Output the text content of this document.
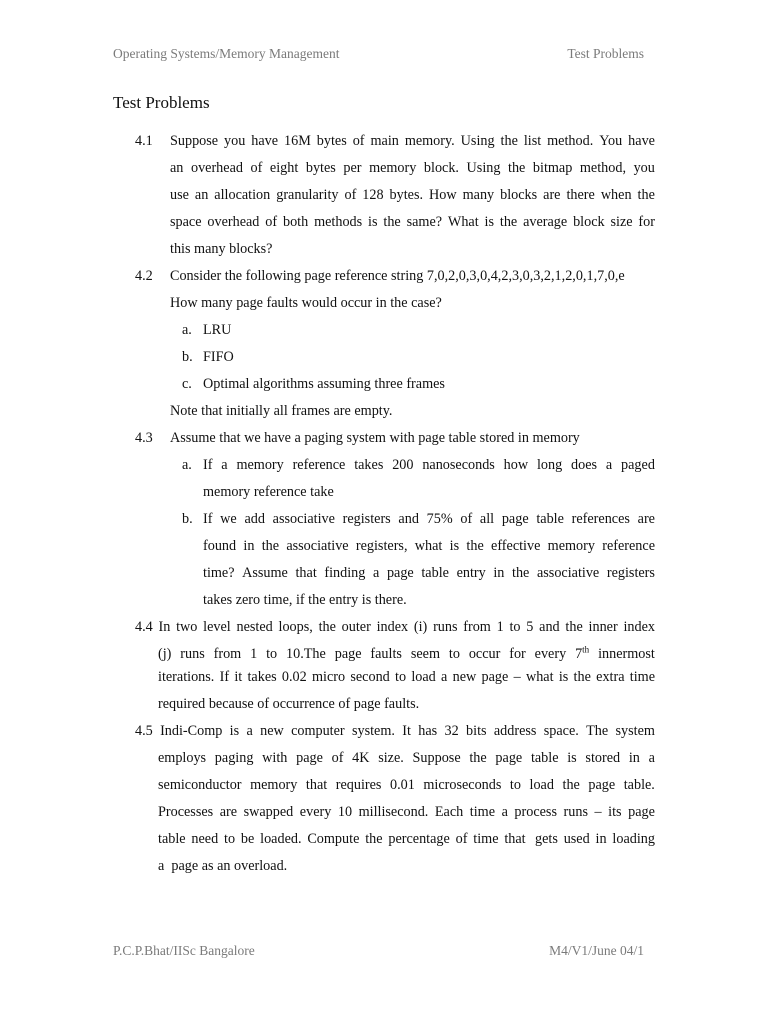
Operating Systems/Memory Management	Test Problems
Test Problems
4.1 Suppose you have 16M bytes of main memory. Using the list method. You have
an overhead of eight bytes per memory block. Using the bitmap method, you
use an allocation granularity of 128 bytes. How many blocks are there when the
space overhead of both methods is the same? What is the average block size for
this many blocks?
4.2 Consider the following page reference string 7,0,2,0,3,0,4,2,3,0,3,2,1,2,0,1,7,0,e
How many page faults would occur in the case?
a. LRU
b. FIFO
c. Optimal algorithms assuming three frames
Note that initially all frames are empty.
4.3 Assume that we have a paging system with page table stored in memory
a. If a memory reference takes 200 nanoseconds how long does a paged
memory reference take
b. If we add associative registers and 75% of all page table references are
found in the associative registers, what is the effective memory reference
time? Assume that finding a page table entry in the associative registers
takes zero time, if the entry is there.
4.4 In two level nested loops, the outer index (i) runs from 1 to 5 and the inner index
(j) runs from 1 to 10.The page faults seem to occur for every 7th innermost
iterations. If it takes 0.02 micro second to load a new page – what is the extra time
required because of occurrence of page faults.
4.5 Indi-Comp is a new computer system. It has 32 bits address space. The system
employs paging with page of 4K size. Suppose the page table is stored in a
semiconductor memory that requires 0.01 microseconds to load the page table.
Processes are swapped every 10 millisecond. Each time a process runs – its page
table need to be loaded. Compute the percentage of time that gets used in loading
a  page as an overload.
P.C.P.Bhat/IISc Bangalore	M4/V1/June 04/1
